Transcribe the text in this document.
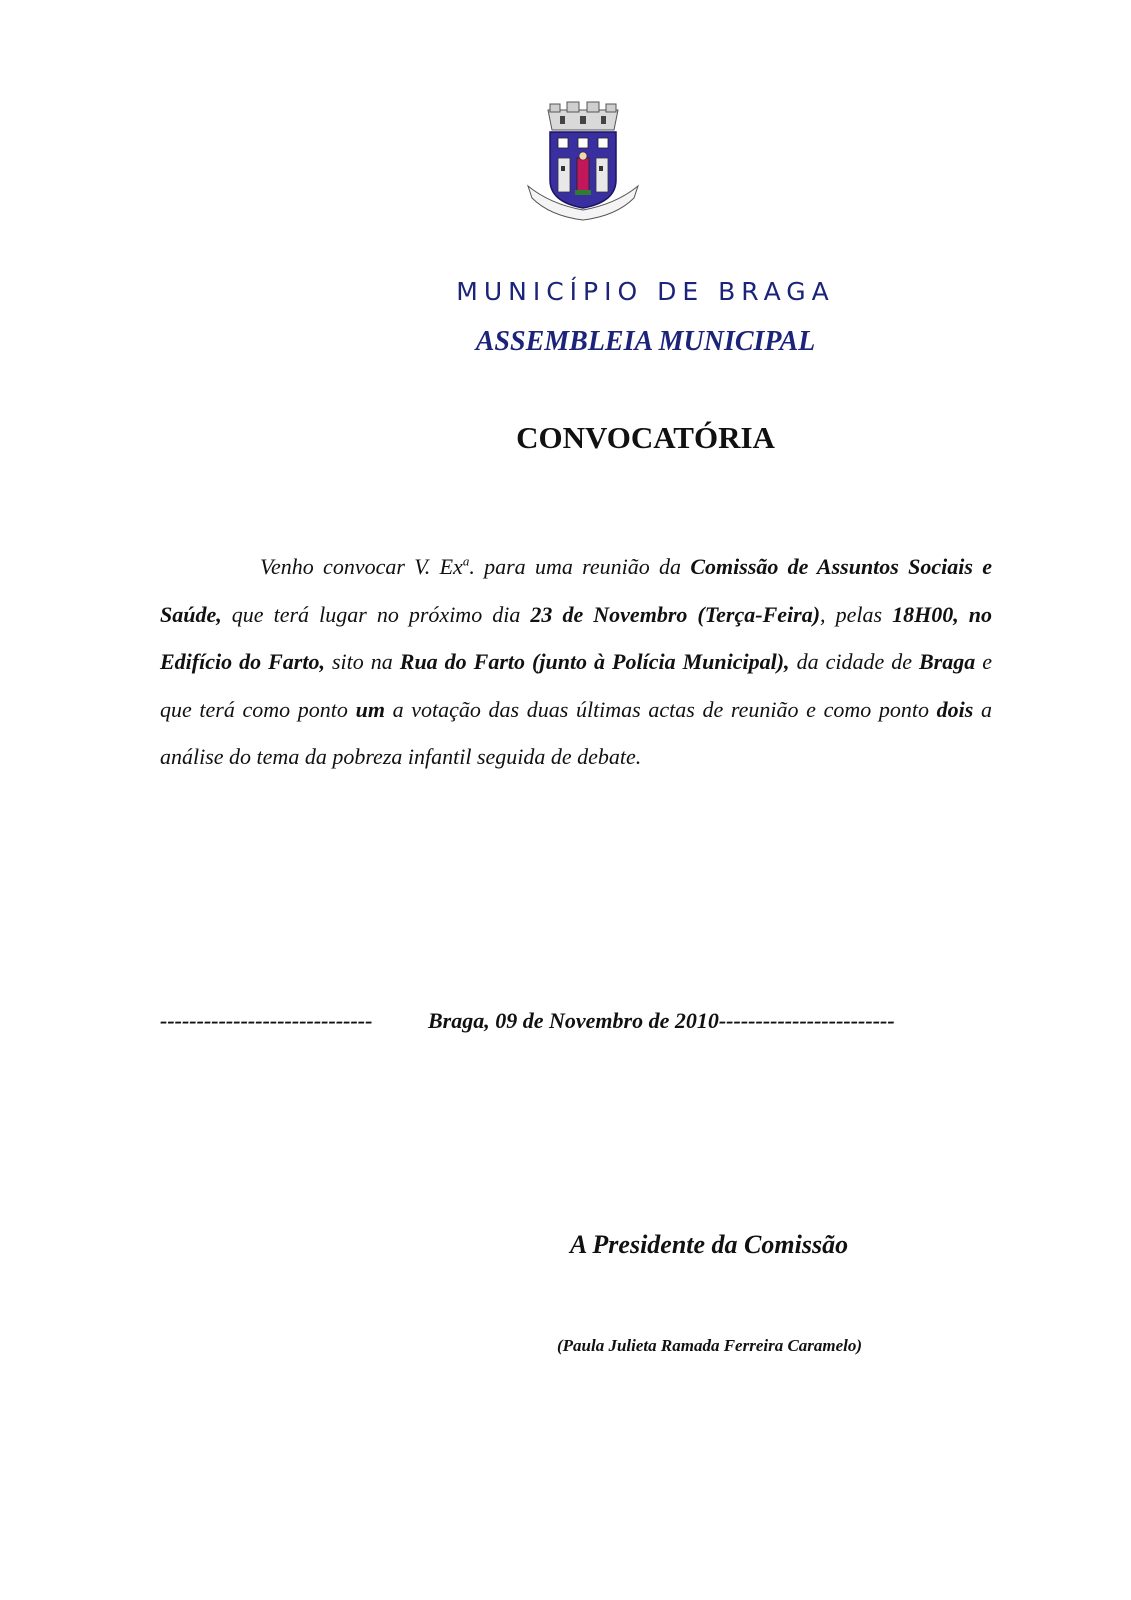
MUNICÍPIO DE BRAGA
ASSEMBLEIA MUNICIPAL
CONVOCATÓRIA

Venho convocar V. Ex$^a$. para uma reunião da Comissão de Assuntos Sociais e Saúde, que terá lugar no próximo dia 23 de Novembro (Terça-Feira), pelas 18H00, no Edifício do Farto, sito na Rua do Farto (junto à Polícia Municipal), da cidade de Braga e que terá como ponto um a votação das duas últimas actas de reunião e como ponto dois a análise do tema da pobreza infantil seguida de debate.

-----------------------------	Braga, 09 de Novembro de 2010 ------------------------
A Presidente da Comissão
(Paula Julieta Ramada Ferreira Caramelo)
